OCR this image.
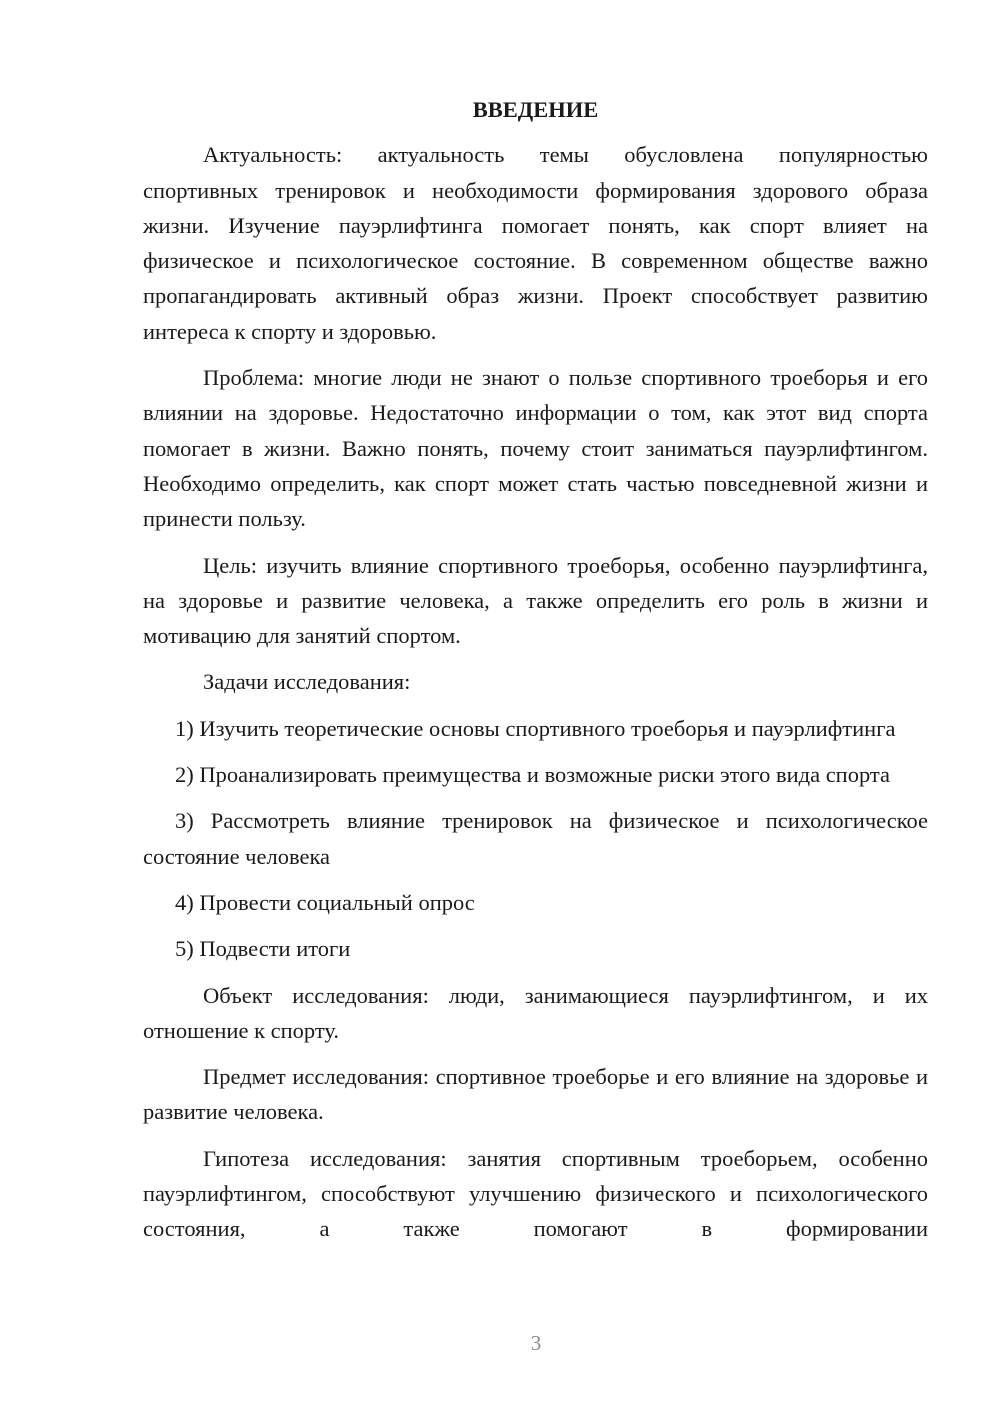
ВВЕДЕНИЕ

Актуальность: актуальность темы обусловлена популярностью спортивных тренировок и необходимости формирования здорового образа жизни. Изучение пауэрлифтинга помогает понять, как спорт влияет на физическое и психологическое состояние. В современном обществе важно пропагандировать активный образ жизни. Проект способствует развитию интереса к спорту и здоровью.

Проблема: многие люди не знают о пользе спортивного троеборья и его влиянии на здоровье. Недостаточно информации о том, как этот вид спорта помогает в жизни. Важно понять, почему стоит заниматься пауэрлифтингом. Необходимо определить, как спорт может стать частью повседневной жизни и принести пользу.

Цель: изучить влияние спортивного троеборья, особенно пауэрлифтинга, на здоровье и развитие человека, а также определить его роль в жизни и мотивацию для занятий спортом.

Задачи исследования:

1) Изучить теоретические основы спортивного троеборья и пауэрлифтинга

2) Проанализировать преимущества и возможные риски этого вида спорта

3) Рассмотреть влияние тренировок на физическое и психологическое состояние человека

4) Провести социальный опрос

5) Подвести итоги

Объект исследования: люди, занимающиеся пауэрлифтингом, и их отношение к спорту.

Предмет исследования: спортивное троеборье и его влияние на здоровье и развитие человека.

Гипотеза исследования: занятия спортивным троеборьем, особенно пауэрлифтингом, способствуют улучшению физического и психологического состояния, а также помогают в формировании

3
